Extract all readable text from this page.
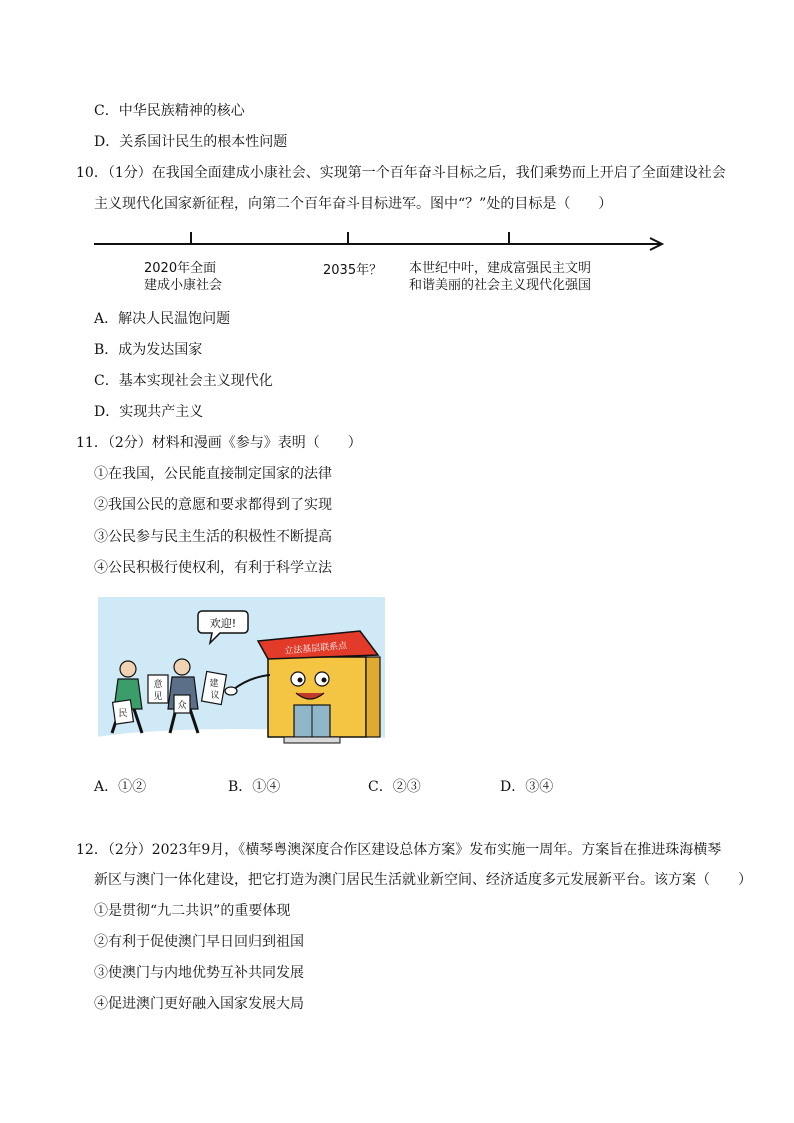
C．中华民族精神的核心
D．关系国计民生的根本性问题
10．（1分）在我国全面建成小康社会、实现第一个百年奋斗目标之后，我们乘势而上开启了全面建设社会
主义现代化国家新征程，向第二个百年奋斗目标进军。图中“？”处的目标是（　　）
2020年全面
建成小康社会
2035年？ 本世纪中叶，建成富强民主文明
和谐美丽的社会主义现代化强国
A．解决人民温饱问题
B．成为发达国家
C．基本实现社会主义现代化
D．实现共产主义
11．（2分）材料和漫画《参与》表明（　　）
①在我国，公民能直接制定国家的法律
②我国公民的意愿和要求都得到了实现
③公民参与民主生活的积极性不断提高
④公民积极行使权利，有利于科学立法
欢迎!
立法基层联系点
民
意
见
建
议
众
A．①②	B．①④	C．②③	D．③④
12．（2分）2023年9月，《横琴粤澳深度合作区建设总体方案》发布实施一周年。方案旨在推进珠海横琴
新区与澳门一体化建设，把它打造为澳门居民生活就业新空间、经济适度多元发展新平台。该方案（　　）
①是贯彻“九二共识”的重要体现
②有利于促使澳门早日回归到祖国
③使澳门与内地优势互补共同发展
④促进澳门更好融入国家发展大局
